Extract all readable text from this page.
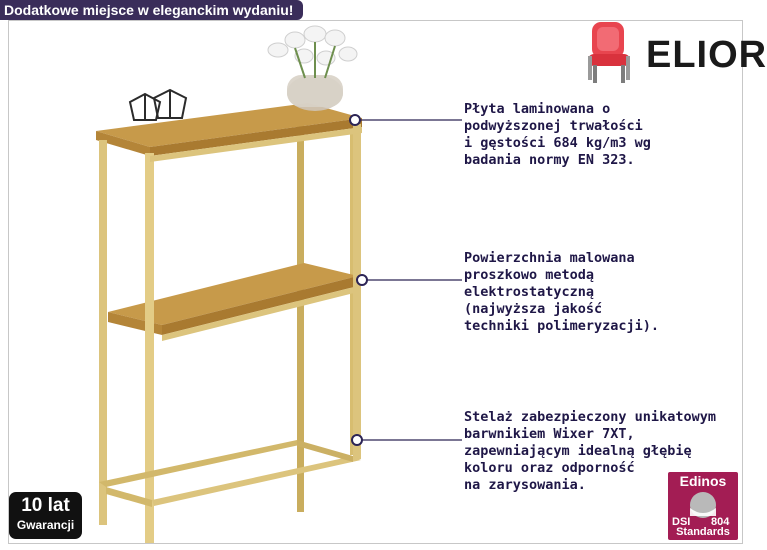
Dodatkowe miejsce w eleganckim wydaniu!
ELIOR
Płyta laminowana o
podwyższonej trwałości
i gęstości 684 kg/m3 wg
badania normy EN 323.
Powierzchnia malowana
proszkowo metodą
elektrostatyczną
(najwyższa jakość
techniki polimeryzacji).
Stelaż zabezpieczony unikatowym
barwnikiem Wixer 7XT,
zapewniającym idealną głębię
koloru oraz odporność
na zarysowania.
10 lat
Gwarancji
Edinos
DSI 804
Standards
